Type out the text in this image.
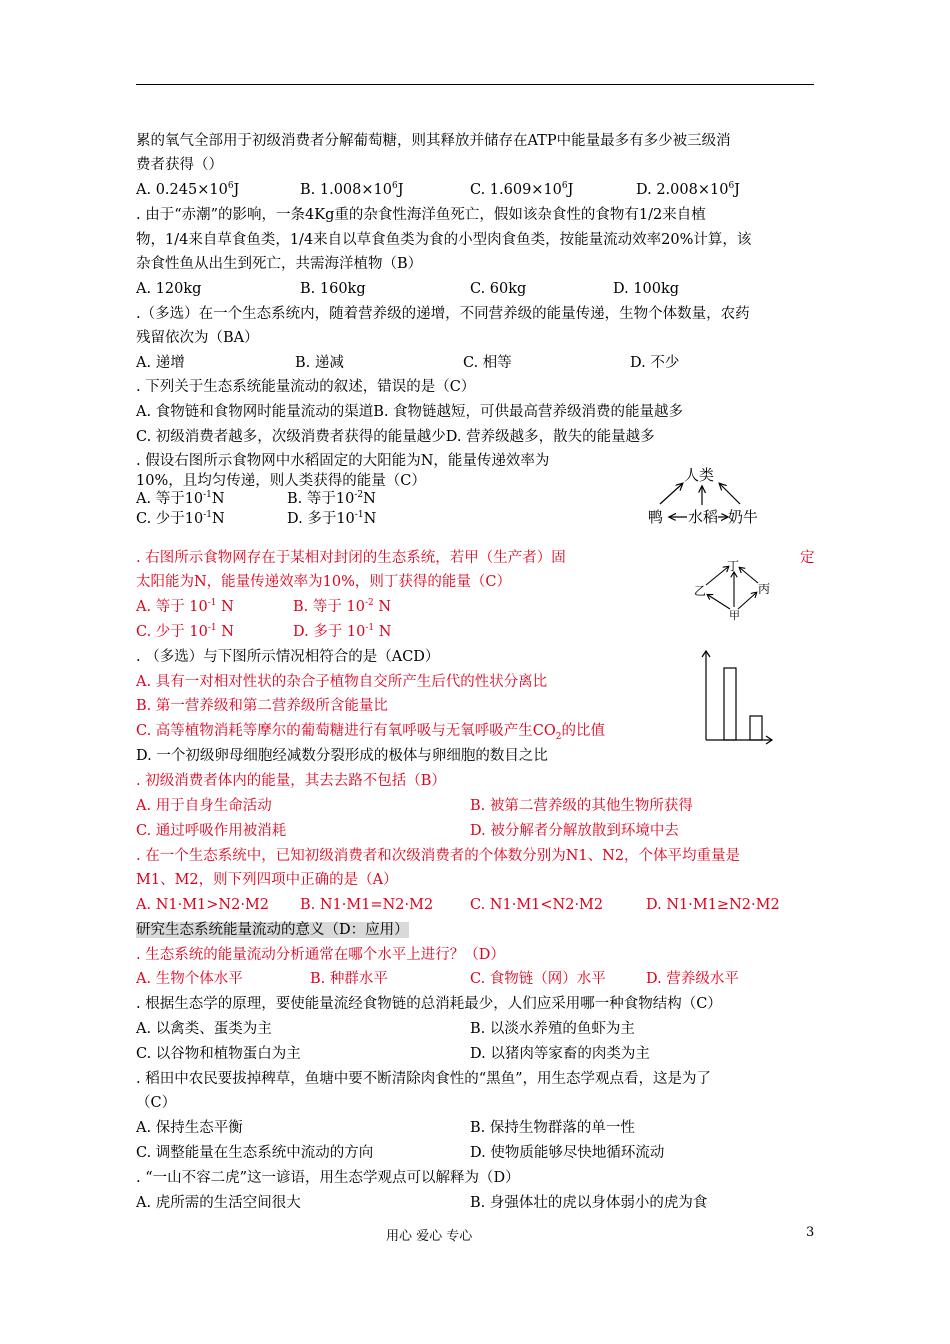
累的氧气全部用于初级消费者分解葡萄糖，则其释放并储存在ATP中能量最多有多少被三级消
费者获得（）
A. $0.245\times 10^6J$	B. $1.008\times 10^6J$	C. $1.609\times 10^6J$	D. $2.008\times 10^6J$
. 由于“赤潮”的影响，一条4Kg重的杂食性海洋鱼死亡，假如该杂食性的食物有1/2来自植
物，1/4来自草食鱼类，1/4来自以草食鱼类为食的小型肉食鱼类，按能量流动效率20%计算，该
杂食性鱼从出生到死亡，共需海洋植物（B）
A. 120kg	B. 160kg	C. 60kg	D. 100kg
.（多选）在一个生态系统内，随着营养级的递增，不同营养级的能量传递，生物个体数量，农药
残留依次为（BA）
A. 递增	B. 递减	C. 相等	D. 不少
. 下列关于生态系统能量流动的叙述，错误的是（C）
A. 食物链和食物网时能量流动的渠道B. 食物链越短，可供最高营养级消费的能量越多
C. 初级消费者越多，次级消费者获得的能量越少D. 营养级越多，散失的能量越多
. 假设右图所示食物网中水稻固定的大阳能为N，能量传递效率为
10%，且均匀传递，则人类获得的能量（C）
A. 等于$10^{-1}N$	B. 等于$10^{-2}N$
C. 少于$10^{-1}N$	D. 多于$10^{-1}N$
人类
鸭 水稻 奶牛
. 右图所示食物网存在于某相对封闭的生态系统，若甲（生产者）固	定
太阳能为N，能量传递效率为10%，则丁获得的能量（C）
A. 等于 $10^{-1}$ N	B. 等于 $10^{-2}$ N
C. 少于 $10^{-1}$ N	D. 多于 $10^{-1}$ N
丁
乙	丙
甲
. （多选）与下图所示情况相符合的是（ACD）
A. 具有一对相对性状的杂合子植物自交所产生后代的性状分离比
B. 第一营养级和第二营养级所含能量比
C. 高等植物消耗等摩尔的葡萄糖进行有氧呼吸与无氧呼吸产生$CO_2$的比值
D. 一个初级卵母细胞经减数分裂形成的极体与卵细胞的数目之比
. 初级消费者体内的能量，其去去路不包括（B）
A. 用于自身生命活动	B. 被第二营养级的其他生物所获得
C. 通过呼吸作用被消耗	D. 被分解者分解放散到环境中去
. 在一个生态系统中，已知初级消费者和次级消费者的个体数分别为N1、N2，个体平均重量是
M1、M2，则下列四项中正确的是（A）
A. N1·M1>N2·M2 B. N1·M1=N2·M2	C. N1·M1<N2·M2	D. N1·M1≥N2·M2
研究生态系统能量流动的意义（D：应用）
. 生态系统的能量流动分析通常在哪个水平上进行？（D）
A. 生物个体水平	B. 种群水平	C. 食物链（网）水平	D. 营养级水平
. 根据生态学的原理，要使能量流经食物链的总消耗最少，人们应采用哪一种食物结构（C）
A. 以禽类、蛋类为主	B. 以淡水养殖的鱼虾为主
C. 以谷物和植物蛋白为主	D. 以猪肉等家畜的肉类为主
. 稻田中农民要拔掉稗草，鱼塘中要不断清除肉食性的“黑鱼”，用生态学观点看，这是为了
（C）
A. 保持生态平衡	B. 保持生物群落的单一性
C. 调整能量在生态系统中流动的方向	D. 使物质能够尽快地循环流动
. “一山不容二虎”这一谚语，用生态学观点可以解释为（D）
A. 虎所需的生活空间很大	B. 身强体壮的虎以身体弱小的虎为食
用心 爱心 专心	3
